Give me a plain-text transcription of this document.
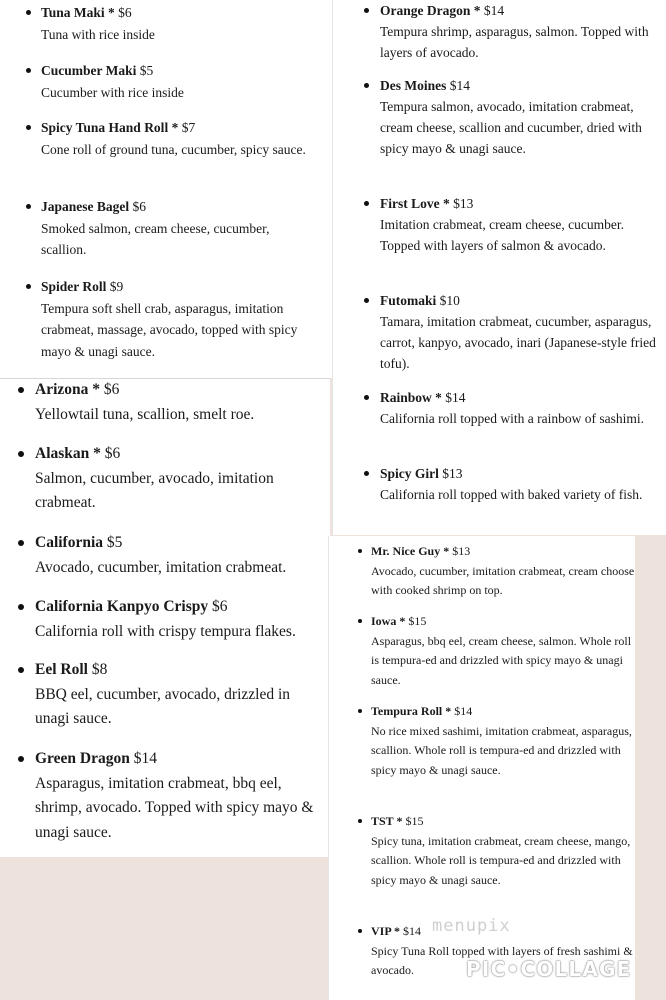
Tuna Maki * $6
Tuna with rice inside
Cucumber Maki $5
Cucumber with rice inside
Spicy Tuna Hand Roll * $7
Cone roll of ground tuna, cucumber, spicy sauce.
Japanese Bagel $6
Smoked salmon, cream cheese, cucumber, scallion.
Spider Roll $9
Tempura soft shell crab, asparagus, imitation crabmeat, massage, avocado, topped with spicy mayo & unagi sauce.
Arizona * $6
Yellowtail tuna, scallion, smelt roe.
Alaskan * $6
Salmon, cucumber, avocado, imitation crabmeat.
California $5
Avocado, cucumber, imitation crabmeat.
California Kanpyo Crispy $6
California roll with crispy tempura flakes.
Eel Roll $8
BBQ eel, cucumber, avocado, drizzled in unagi sauce.
Green Dragon $14
Asparagus, imitation crabmeat, bbq eel, shrimp, avocado. Topped with spicy mayo & unagi sauce.
Orange Dragon * $14
Tempura shrimp, asparagus, salmon. Topped with layers of avocado.
Des Moines $14
Tempura salmon, avocado, imitation crabmeat, cream cheese, scallion and cucumber, dried with spicy mayo & unagi sauce.
First Love * $13
Imitation crabmeat, cream cheese, cucumber. Topped with layers of salmon & avocado.
Futomaki $10
Tamara, imitation crabmeat, cucumber, asparagus, carrot, kanpyo, avocado, inari (Japanese-style fried tofu).
Rainbow * $14
California roll topped with a rainbow of sashimi.
Spicy Girl $13
California roll topped with baked variety of fish.
Mr. Nice Guy * $13
Avocado, cucumber, imitation crabmeat, cream choose with cooked shrimp on top.
Iowa * $15
Asparagus, bbq eel, cream cheese, salmon. Whole roll is tempura-ed and drizzled with spicy mayo & unagi sauce.
Tempura Roll * $14
No rice mixed sashimi, imitation crabmeat, asparagus, scallion. Whole roll is tempura-ed and drizzled with spicy mayo & unagi sauce.
TST * $15
Spicy tuna, imitation crabmeat, cream cheese, mango, scallion. Whole roll is tempura-ed and drizzled with spicy mayo & unagi sauce.
VIP * $14
Spicy Tuna Roll topped with layers of fresh sashimi & avocado.
menupix
PIC•COLLAGE
